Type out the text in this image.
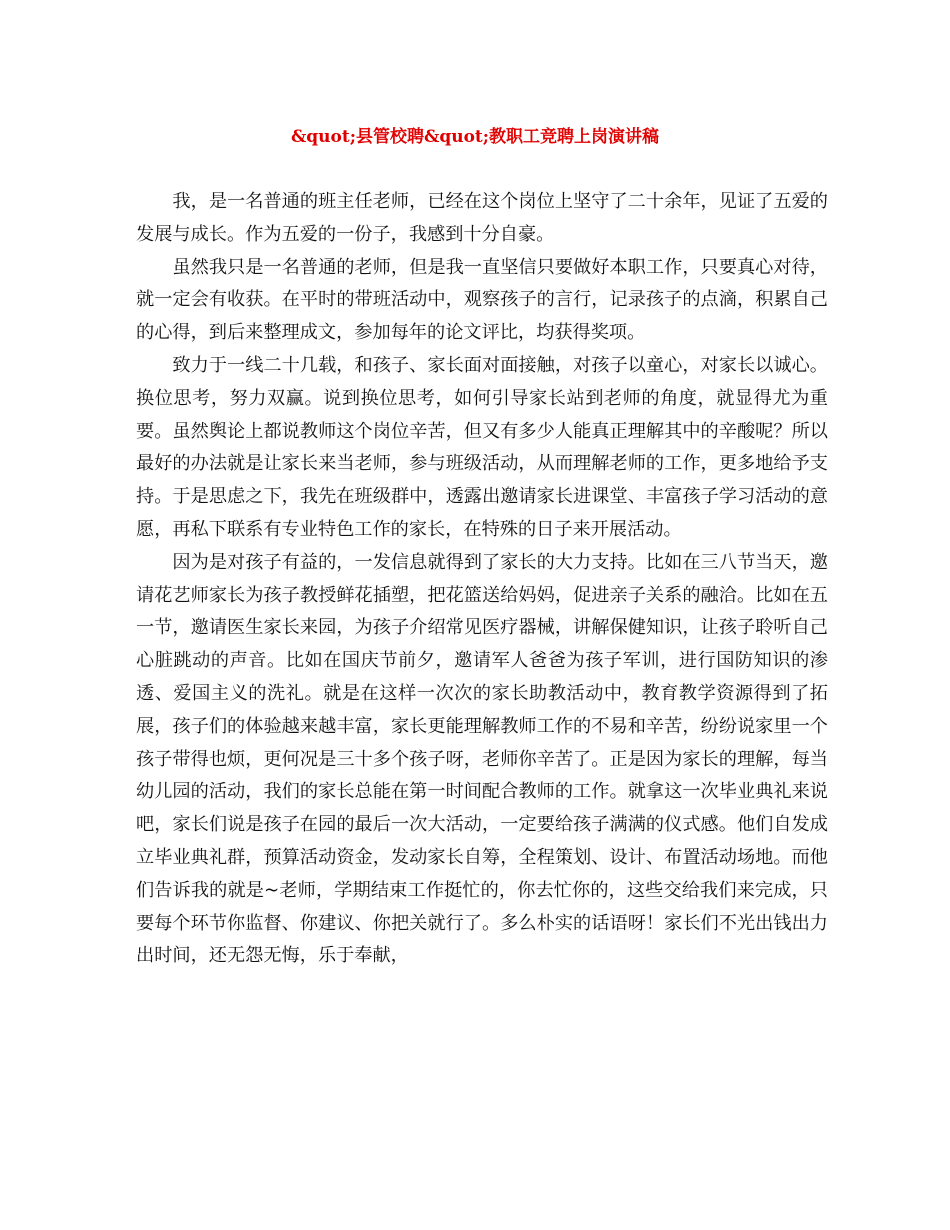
&quot;县管校聘&quot;教职工竞聘上岗演讲稿

我，是一名普通的班主任老师，已经在这个岗位上坚守了二十余年，见证了五爱的发展与成长。作为五爱的一份子，我感到十分自豪。

虽然我只是一名普通的老师，但是我一直坚信只要做好本职工作，只要真心对待，就一定会有收获。在平时的带班活动中，观察孩子的言行，记录孩子的点滴，积累自己的心得，到后来整理成文，参加每年的论文评比，均获得奖项。

致力于一线二十几载，和孩子、家长面对面接触，对孩子以童心，对家长以诚心。换位思考，努力双赢。说到换位思考，如何引导家长站到老师的角度，就显得尤为重要。虽然舆论上都说教师这个岗位辛苦，但又有多少人能真正理解其中的辛酸呢？所以最好的办法就是让家长来当老师，参与班级活动，从而理解老师的工作，更多地给予支持。于是思虑之下，我先在班级群中，透露出邀请家长进课堂、丰富孩子学习活动的意愿，再私下联系有专业特色工作的家长，在特殊的日子来开展活动。

因为是对孩子有益的，一发信息就得到了家长的大力支持。比如在三八节当天，邀请花艺师家长为孩子教授鲜花插塑，把花篮送给妈妈，促进亲子关系的融洽。比如在五一节，邀请医生家长来园，为孩子介绍常见医疗器械，讲解保健知识，让孩子聆听自己心脏跳动的声音。比如在国庆节前夕，邀请军人爸爸为孩子军训，进行国防知识的渗透、爱国主义的洗礼。就是在这样一次次的家长助教活动中，教育教学资源得到了拓展，孩子们的体验越来越丰富，家长更能理解教师工作的不易和辛苦，纷纷说家里一个孩子带得也烦，更何况是三十多个孩子呀，老师你辛苦了。正是因为家长的理解，每当幼儿园的活动，我们的家长总能在第一时间配合教师的工作。就拿这一次毕业典礼来说吧，家长们说是孩子在园的最后一次大活动，一定要给孩子满满的仪式感。他们自发成立毕业典礼群，预算活动资金，发动家长自筹，全程策划、设计、布置活动场地。而他们告诉我的就是~老师，学期结束工作挺忙的，你去忙你的，这些交给我们来完成，只要每个环节你监督、你建议、你把关就行了。多么朴实的话语呀！家长们不光出钱出力出时间，还无怨无悔，乐于奉献，
